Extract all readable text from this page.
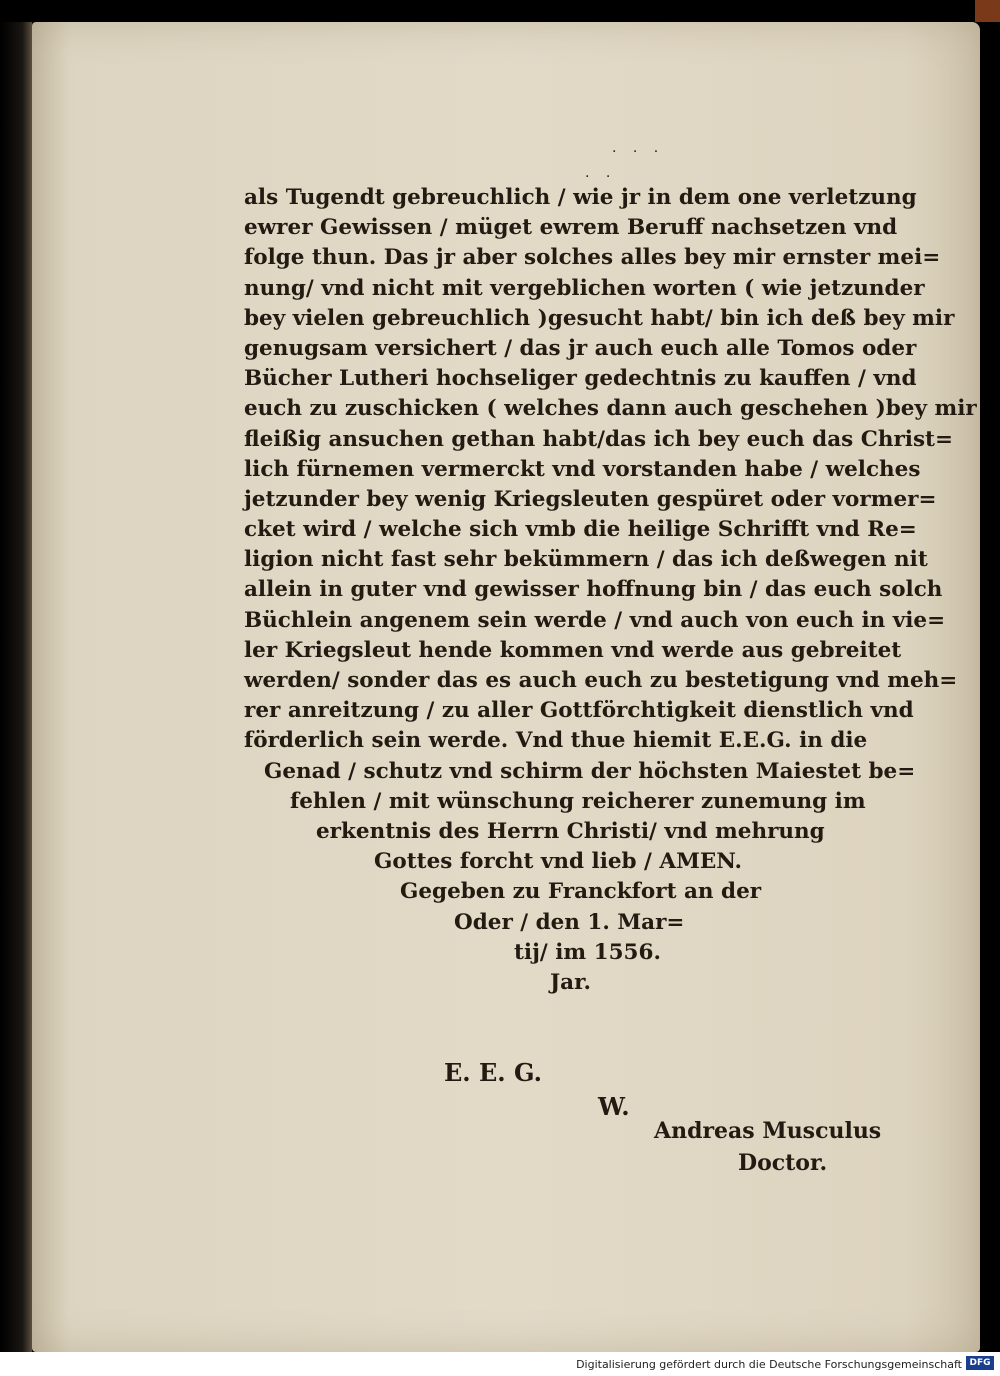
. . .
. .
als Tugendt gebreuchlich / wie jr in dem one verletzung
ewrer Gewissen / müget ewrem Beruff nachsetzen vnd
folge thun. Das jr aber solches alles bey mir ernster mei=
nung/ vnd nicht mit vergeblichen worten ( wie jetzunder
bey vielen gebreuchlich )gesucht habt/ bin ich deß bey mir
genugsam versichert / das jr auch euch alle Tomos oder
Bücher Lutheri hochseliger gedechtnis zu kauffen / vnd
euch zu zuschicken ( welches dann auch geschehen )bey mir
fleißig ansuchen gethan habt/das ich bey euch das Christ=
lich fürnemen vermerckt vnd vorstanden habe / welches
jetzunder bey wenig Kriegsleuten gespüret oder vormer=
cket wird / welche sich vmb die heilige Schrifft vnd Re=
ligion nicht fast sehr bekümmern / das ich deßwegen nit
allein in guter vnd gewisser hoffnung bin / das euch solch
Büchlein angenem sein werde / vnd auch von euch in vie=
ler Kriegsleut hende kommen vnd werde aus gebreitet
werden/ sonder das es auch euch zu bestetigung vnd meh=
rer anreitzung / zu aller Gottförchtigkeit dienstlich vnd
förderlich sein werde. Vnd thue hiemit E.E.G. in die
Genad / schutz vnd schirm der höchsten Maiestet be=
fehlen / mit wünschung reicherer zunemung im
erkentnis des Herrn Christi/ vnd mehrung
Gottes forcht vnd lieb / AMEN.
Gegeben zu Franckfort an der
Oder / den 1. Mar=
tij/ im 1556.
Jar.
E. E. G.
W.
Andreas Musculus
Doctor.
Digitalisierung gefördert durch die Deutsche Forschungsgemeinschaft DFG
